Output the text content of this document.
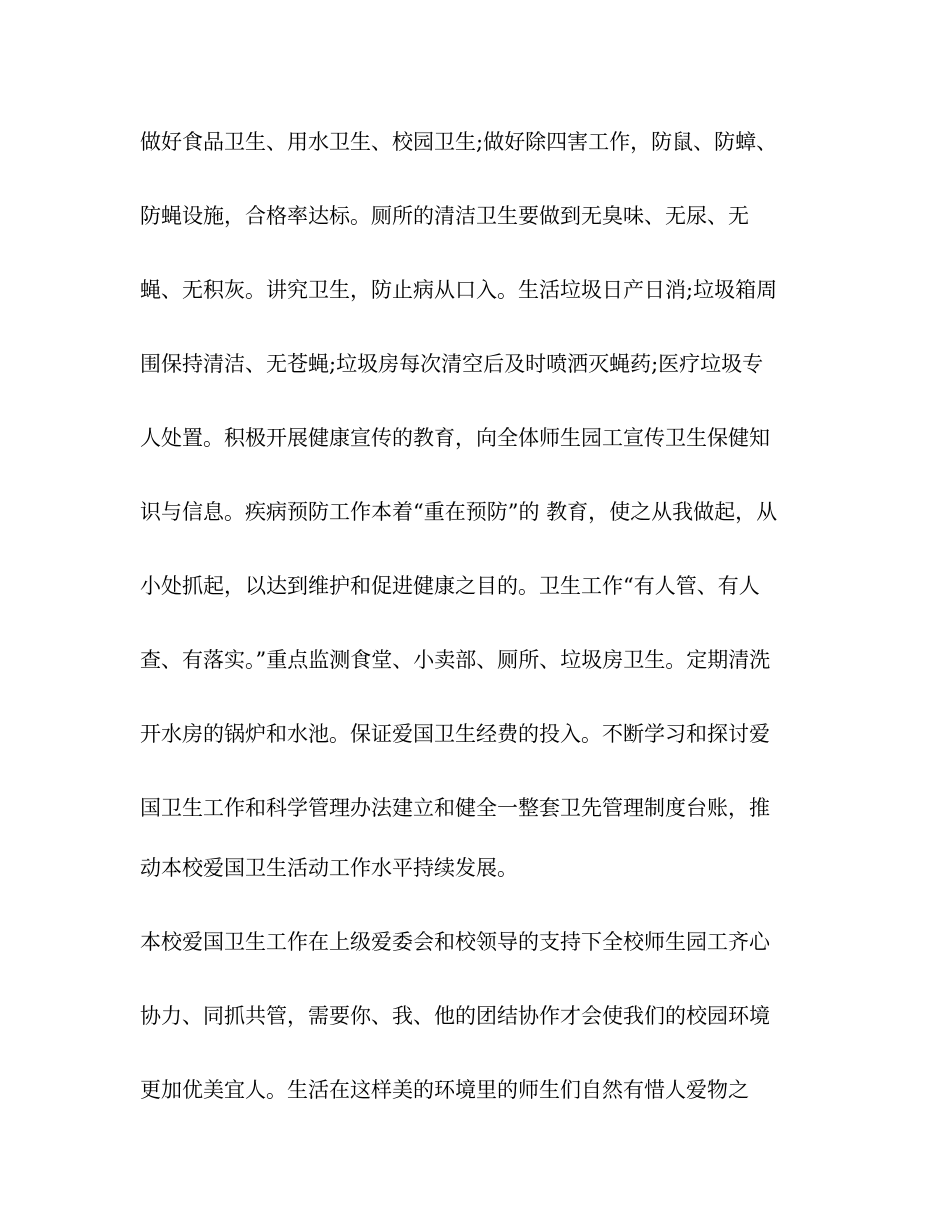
做好食品卫生、用水卫生、校园卫生;做好除四害工作，防鼠、防蟑、
防蝇设施，合格率达标。厕所的清洁卫生要做到无臭味、无尿、无
蝇、无积灰。讲究卫生，防止病从口入。生活垃圾日产日消;垃圾箱周
围保持清洁、无苍蝇;垃圾房每次清空后及时喷洒灭蝇药;医疗垃圾专
人处置。积极开展健康宣传的教育，向全体师生园工宣传卫生保健知
识与信息。疾病预防工作本着“重在预防”的 教育，使之从我做起，从
小处抓起，以达到维护和促进健康之目的。卫生工作“有人管、有人
查、有落实。”重点监测食堂、小卖部、厕所、垃圾房卫生。定期清洗
开水房的锅炉和水池。保证爱国卫生经费的投入。不断学习和探讨爱
国卫生工作和科学管理办法建立和健全一整套卫先管理制度台账，推
动本校爱国卫生活动工作水平持续发展。
本校爱国卫生工作在上级爱委会和校领导的支持下全校师生园工齐心
协力、同抓共管，需要你、我、他的团结协作才会使我们的校园环境
更加优美宜人。生活在这样美的环境里的师生们自然有惜人爱物之
